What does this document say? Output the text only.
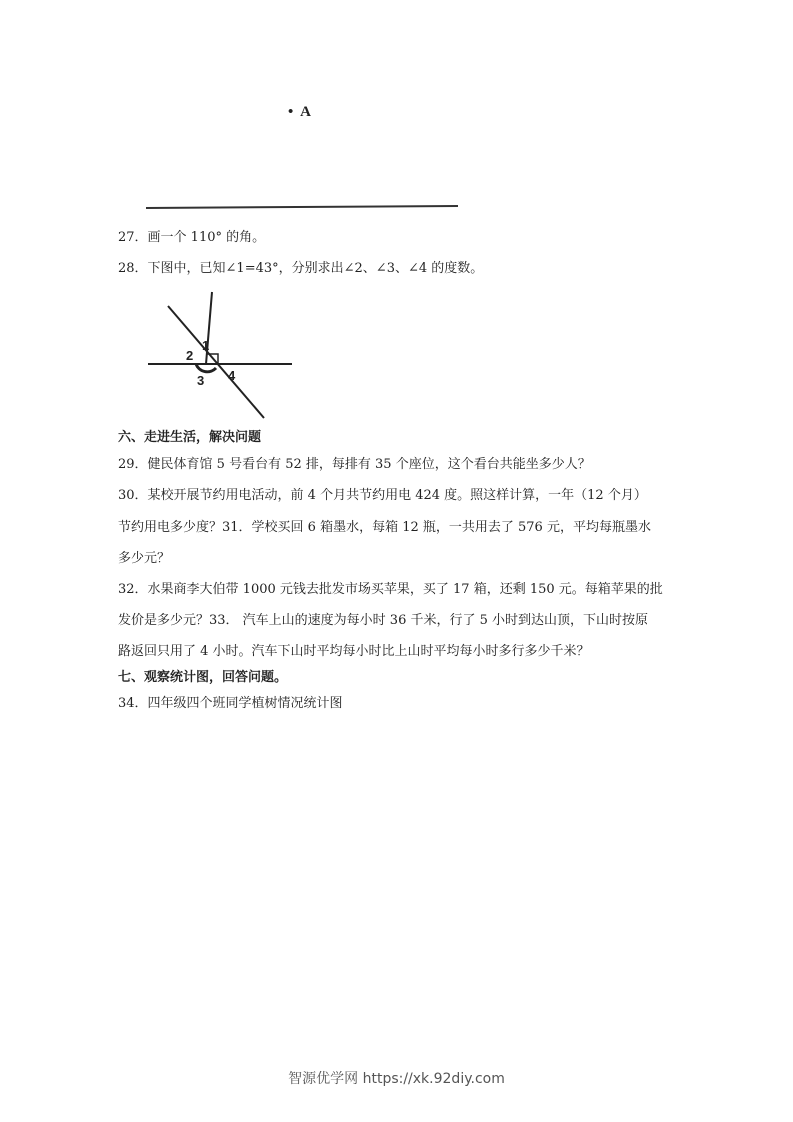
• A
27．画一个 110° 的角。
28．下图中，已知∠1=43°，分别求出∠2、∠3、∠4 的度数。
1
2
3 4
六、走进生活，解决问题
29．健民体育馆 5 号看台有 52 排，每排有 35 个座位，这个看台共能坐多少人？
30．某校开展节约用电活动，前 4 个月共节约用电 424 度。照这样计算，一年（12 个月）
节约用电多少度？31．学校买回 6 箱墨水，每箱 12 瓶，一共用去了 576 元，平均每瓶墨水
多少元？
32．水果商李大伯带 1000 元钱去批发市场买苹果，买了 17 箱，还剩 150 元。每箱苹果的批
发价是多少元？33． 汽车上山的速度为每小时 36 千米，行了 5 小时到达山顶，下山时按原
路返回只用了 4 小时。汽车下山时平均每小时比上山时平均每小时多行多少千米？
七、观察统计图，回答问题。
34．四年级四个班同学植树情况统计图
智源优学网 https://xk.92diy.com
